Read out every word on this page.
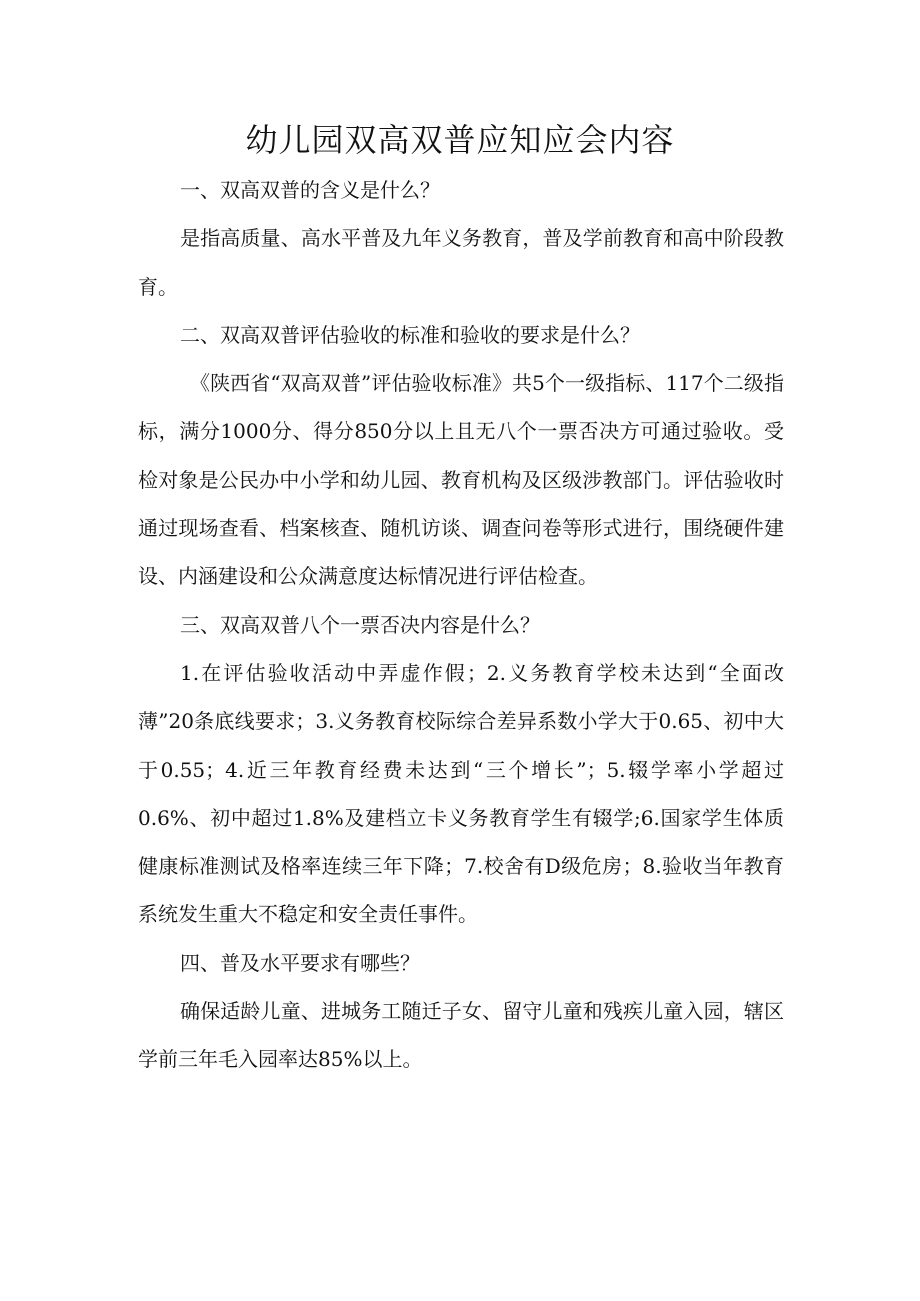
幼儿园双高双普应知应会内容

一、双高双普的含义是什么？

是指高质量、高水平普及九年义务教育，普及学前教育和高中阶段教育。

二、双高双普评估验收的标准和验收的要求是什么？

《陕西省“双高双普”评估验收标准》共5个一级指标、117个二级指标，满分1000分、得分850分以上且无八个一票否决方可通过验收。受检对象是公民办中小学和幼儿园、教育机构及区级涉教部门。评估验收时通过现场查看、档案核查、随机访谈、调查问卷等形式进行，围绕硬件建设、内涵建设和公众满意度达标情况进行评估检查。

三、双高双普八个一票否决内容是什么？

1.在评估验收活动中弄虚作假；2.义务教育学校未达到“全面改薄”20条底线要求；3.义务教育校际综合差异系数小学大于0.65、初中大于0.55；4.近三年教育经费未达到“三个增长”；5.辍学率小学超过0.6%、初中超过1.8%及建档立卡义务教育学生有辍学;6.国家学生体质健康标准测试及格率连续三年下降；7.校舍有D级危房；8.验收当年教育系统发生重大不稳定和安全责任事件。

四、普及水平要求有哪些？

确保适龄儿童、进城务工随迁子女、留守儿童和残疾儿童入园，辖区学前三年毛入园率达85%以上。
